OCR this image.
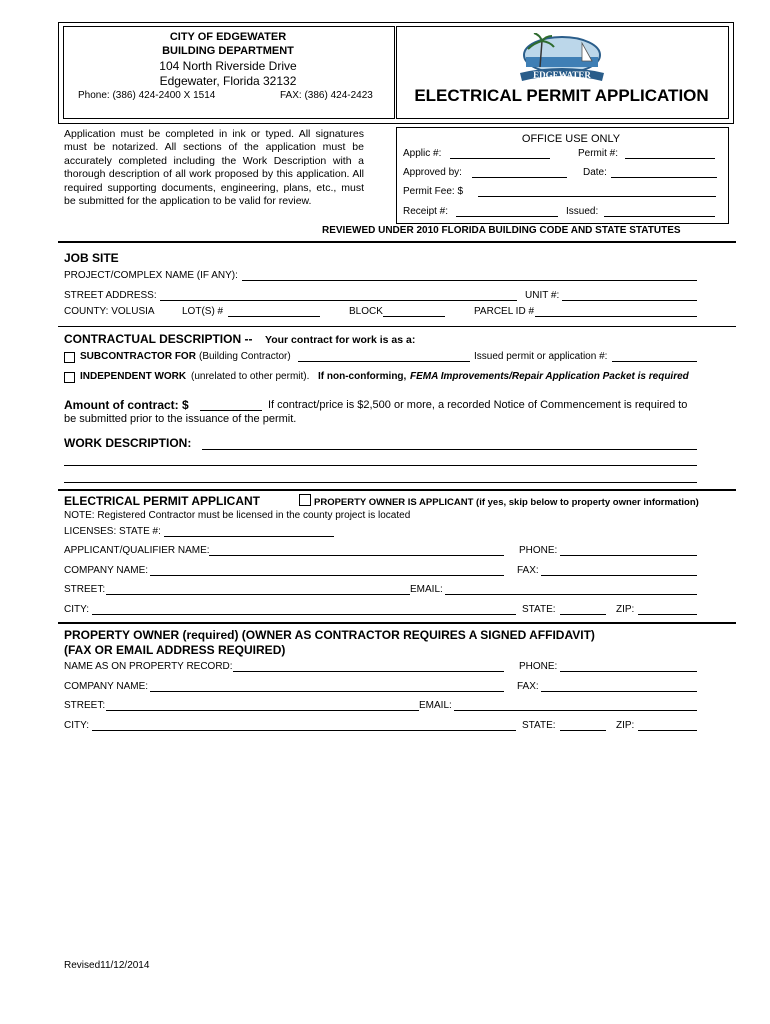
CITY OF EDGEWATER
BUILDING DEPARTMENT
104 North Riverside Drive
Edgewater, Florida 32132
Phone: (386) 424-2400 X 1514	FAX: (386) 424-2423
EDGEWATER
ELECTRICAL PERMIT APPLICATION
Application must be completed in ink or typed. All signatures must be notarized. All sections of the application must be accurately completed including the Work Description with a thorough description of all work proposed by this application. All required supporting documents, engineering, plans, etc., must be submitted for the application to be valid for review.
OFFICE USE ONLY
Applic #:	Permit #:
Approved by:	Date:
Permit Fee: $
Receipt #:	Issued:
REVIEWED UNDER 2010 FLORIDA BUILDING CODE AND STATE STATUTES
JOB SITE
PROJECT/COMPLEX NAME (IF ANY):
STREET ADDRESS:	UNIT #:
COUNTY: VOLUSIA	LOT(S) #	BLOCK	PARCEL ID #
CONTRACTUAL DESCRIPTION -- Your contract for work is as a:
SUBCONTRACTOR FOR (Building Contractor)	Issued permit or application #:
INDEPENDENT WORK (unrelated to other permit). If non-conforming, FEMA Improvements/Repair Application Packet is required
Amount of contract: $	If contract/price is $2,500 or more, a recorded Notice of Commencement is required to
be submitted prior to the issuance of the permit.
WORK DESCRIPTION:
ELECTRICAL PERMIT APPLICANT	PROPERTY OWNER IS APPLICANT (if yes, skip below to property owner information)
NOTE: Registered Contractor must be licensed in the county project is located
LICENSES: STATE #:
APPLICANT/QUALIFIER NAME:	PHONE:
COMPANY NAME:	FAX:
STREET:	EMAIL:
CITY:	STATE:	ZIP:
PROPERTY OWNER (required) (OWNER AS CONTRACTOR REQUIRES A SIGNED AFFIDAVIT)
(FAX OR EMAIL ADDRESS REQUIRED)
NAME AS ON PROPERTY RECORD:	PHONE:
COMPANY NAME:	FAX:
STREET:	EMAIL:
CITY:	STATE:	ZIP:
Revised11/12/2014
